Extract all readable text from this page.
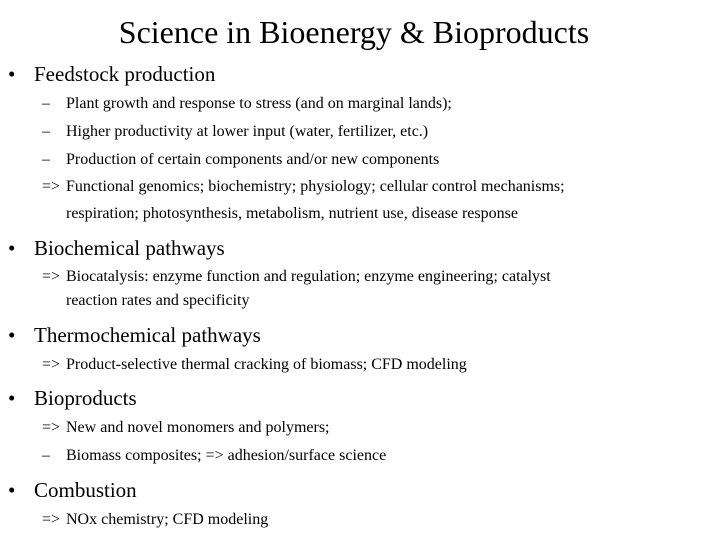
Science in Bioenergy & Bioproducts
• Feedstock production
– Plant growth and response to stress (and on marginal lands);
– Higher productivity at lower input (water, fertilizer, etc.)
– Production of certain components and/or new components
=> Functional genomics; biochemistry; physiology; cellular control mechanisms;
respiration; photosynthesis, metabolism, nutrient use, disease response
• Biochemical pathways
=> Biocatalysis: enzyme function and regulation; enzyme engineering; catalyst
reaction rates and specificity
• Thermochemical pathways
=> Product-selective thermal cracking of biomass; CFD modeling
• Bioproducts
=> New and novel monomers and polymers;
– Biomass composites; => adhesion/surface science
• Combustion
=> NOx chemistry; CFD modeling
